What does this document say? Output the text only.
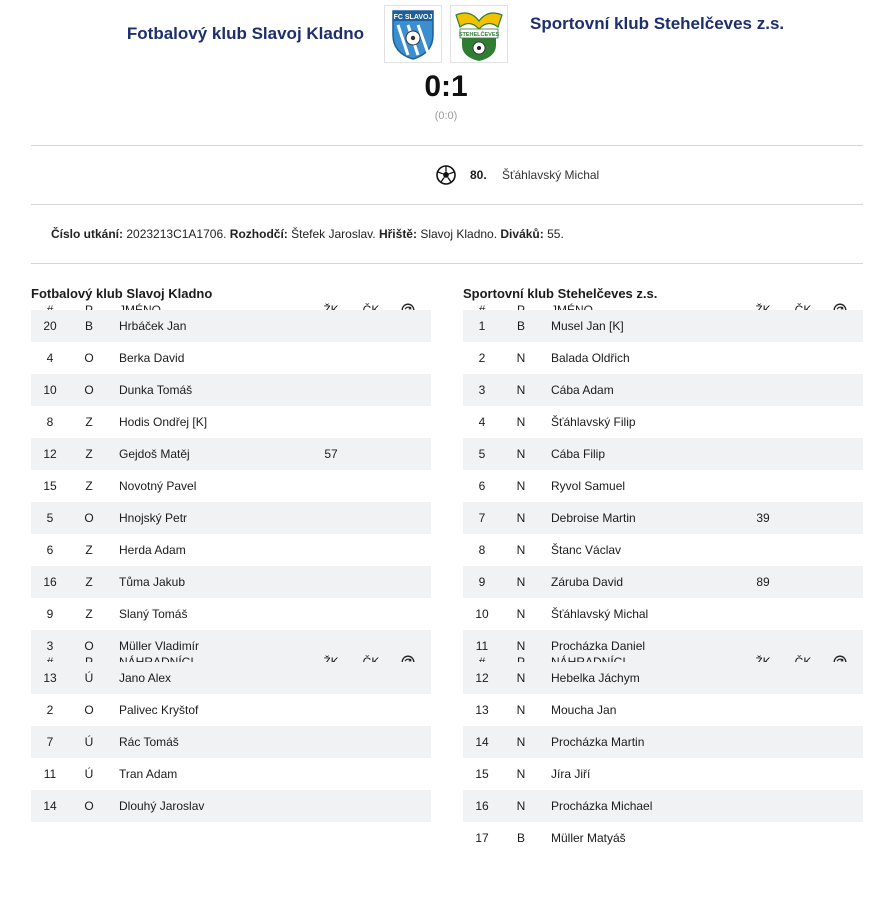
Fotbalový klub Slavoj Kladno
FC SLAVOJ
STEHELČEVES
Sportovní klub Stehelčeves z.s.
0:1
(0:0)
80. Šťáhlavský Michal
Číslo utkání: 2023213C1A1706. Rozhodčí: Štefek Jaroslav. Hřiště: Slavoj Kladno. Diváků: 55.
Fotbalový klub Slavoj Kladno
20	B	Hrbáček Jan
4	O	Berka David
10	O	Dunka Tomáš
8	Z	Hodis Ondřej [K]
12	Z	Gejdoš Matěj	57
15	Z	Novotný Pavel
5	O	Hnojský Petr
6	Z	Herda Adam
16	Z	Tůma Jakub
9	Z	Slaný Tomáš
3	O	Müller Vladimír
13	Ú	Jano Alex
2	O	Palivec Kryštof
7	Ú	Rác Tomáš
11	Ú	Tran Adam
14	O	Dlouhý Jaroslav
Sportovní klub Stehelčeves z.s.
1	B	Musel Jan [K]
2	N	Balada Oldřich
3	N	Cába Adam
4	N	Šťáhlavský Filip
5	N	Cába Filip
6	N	Ryvol Samuel
7	N	Debroise Martin	39
8	N	Štanc Václav
9	N	Záruba David	89
10	N	Šťáhlavský Michal
11	N	Procházka Daniel
12	N	Hebelka Jáchym
13	N	Moucha Jan
14	N	Procházka Martin
15	N	Jíra Jiří
16	N	Procházka Michael
17	B	Müller Matyáš
